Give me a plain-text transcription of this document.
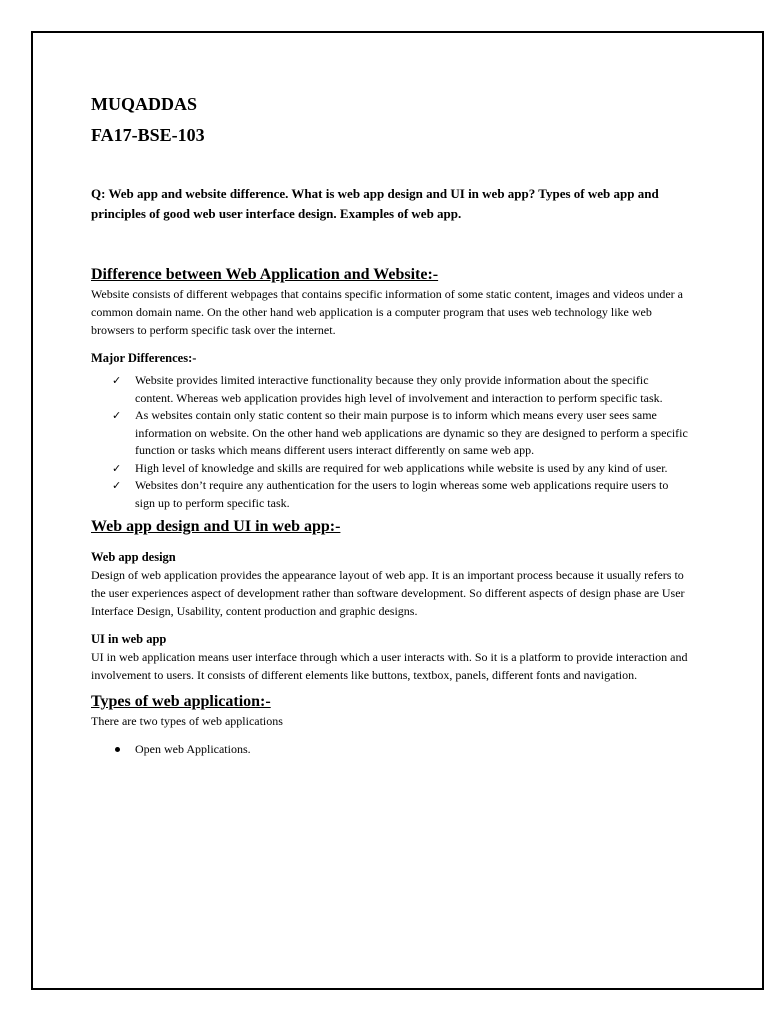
MUQADDAS

FA17-BSE-103

Q: Web app and website difference. What is web app design and UI in web app? Types of web app and principles of good web user interface design. Examples of web app.

Difference between Web Application and Website:-

Website consists of different webpages that contains specific information of some static content, images and videos under a common domain name. On the other hand web application is a computer program that uses web technology like web browsers to perform specific task over the internet.

Major Differences:-

✓ Website provides limited interactive functionality because they only provide information about the specific content. Whereas web application provides high level of involvement and interaction to perform specific task.
✓ As websites contain only static content so their main purpose is to inform which means every user sees same information on website. On the other hand web applications are dynamic so they are designed to perform a specific function or tasks which means different users interact differently on same web app.
✓ High level of knowledge and skills are required for web applications while website is used by any kind of user.
✓ Websites don’t require any authentication for the users to login whereas some web applications require users to sign up to perform specific task.
Web app design and UI in web app:-

Web app design

Design of web application provides the appearance layout of web app. It is an important process because it usually refers to the user experiences aspect of development rather than software development. So different aspects of design phase are User Interface Design, Usability, content production and graphic designs.

UI in web app

UI in web application means user interface through which a user interacts with. So it is a platform to provide interaction and involvement to users. It consists of different elements like buttons, textbox, panels, different fonts and navigation.

Types of web application:-

There are two types of web applications

Open web Applications.
